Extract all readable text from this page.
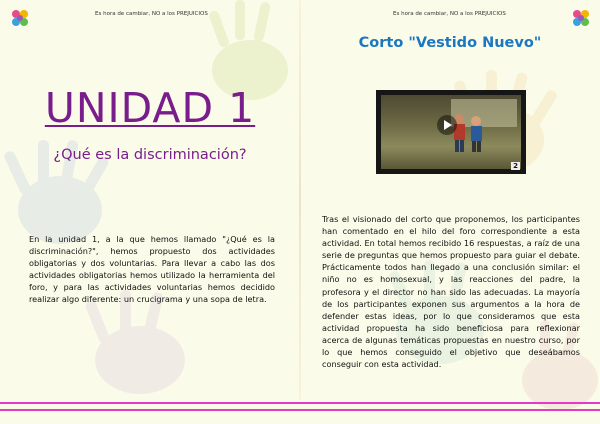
Es hora de cambiar, NO a los PREJUICIOS
UNIDAD 1
¿Qué es la discriminación?
En la unidad 1, a la que hemos llamado "¿Qué es la discriminación?", hemos propuesto dos actividades obligatorias y dos voluntarias. Para llevar a cabo las dos actividades obligatorias hemos utilizado la herramienta del foro, y para las actividades voluntarias hemos decidido realizar algo diferente: un crucigrama y una sopa de letra.
Es hora de cambiar, NO a los PREJUICIOS
Corto "Vestido Nuevo"
2
Tras el visionado del corto que proponemos, los participantes han comentado en el hilo del foro correspondiente a esta actividad. En total hemos recibido 16 respuestas, a raíz de una serie de preguntas que hemos propuesto para guiar el debate. Prácticamente todos han llegado a una conclusión similar: el niño no es homosexual, y las reacciones del padre, la profesora y el director no han sido las adecuadas. La mayoría de los participantes exponen sus argumentos a la hora de defender estas ideas, por lo que consideramos que esta actividad propuesta ha sido beneficiosa para reflexionar acerca de algunas temáticas propuestas en nuestro curso, por lo que hemos conseguido el objetivo que deseábamos conseguir con esta actividad.
